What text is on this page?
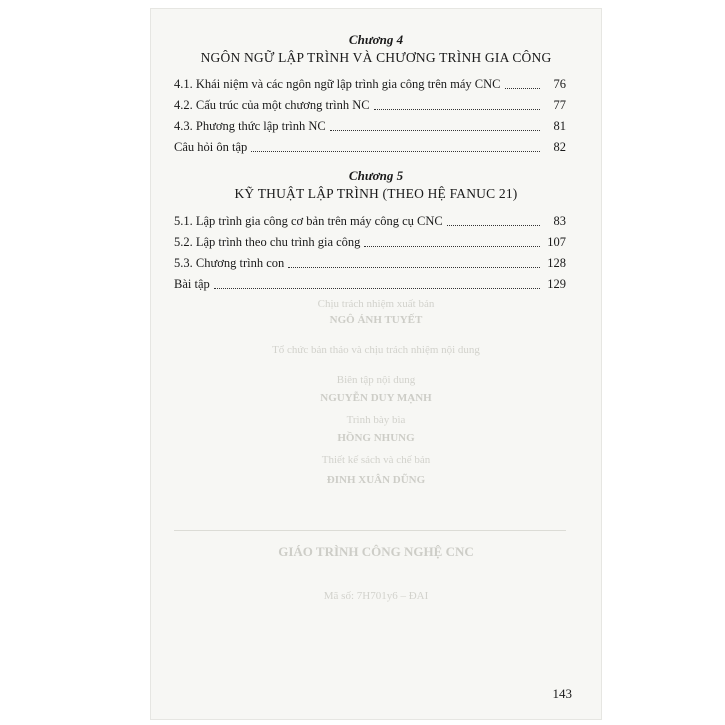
Chương 4
NGÔN NGỮ LẬP TRÌNH VÀ CHƯƠNG TRÌNH GIA CÔNG
4.1. Khái niệm và các ngôn ngữ lập trình gia công trên máy CNC	76
4.2. Cấu trúc của một chương trình NC	77
4.3. Phương thức lập trình NC	81
Câu hỏi ôn tập	82
Chương 5
KỸ THUẬT LẬP TRÌNH (THEO HỆ FANUC 21)
5.1. Lập trình gia công cơ bản trên máy công cụ CNC	83
5.2. Lập trình theo chu trình gia công	107
5.3. Chương trình con	128
Bài tập	129
Chịu trách nhiệm xuất bản
NGÔ ÁNH TUYẾT
Tổ chức bản thảo và chịu trách nhiệm nội dung
Biên tập nội dung
NGUYỄN DUY MẠNH
Trình bày bìa
HỒNG NHUNG
Thiết kế sách và chế bản
ĐINH XUÂN DŨNG
GIÁO TRÌNH CÔNG NGHỆ CNC
Mã số: 7H701y6 – ĐAI
143
